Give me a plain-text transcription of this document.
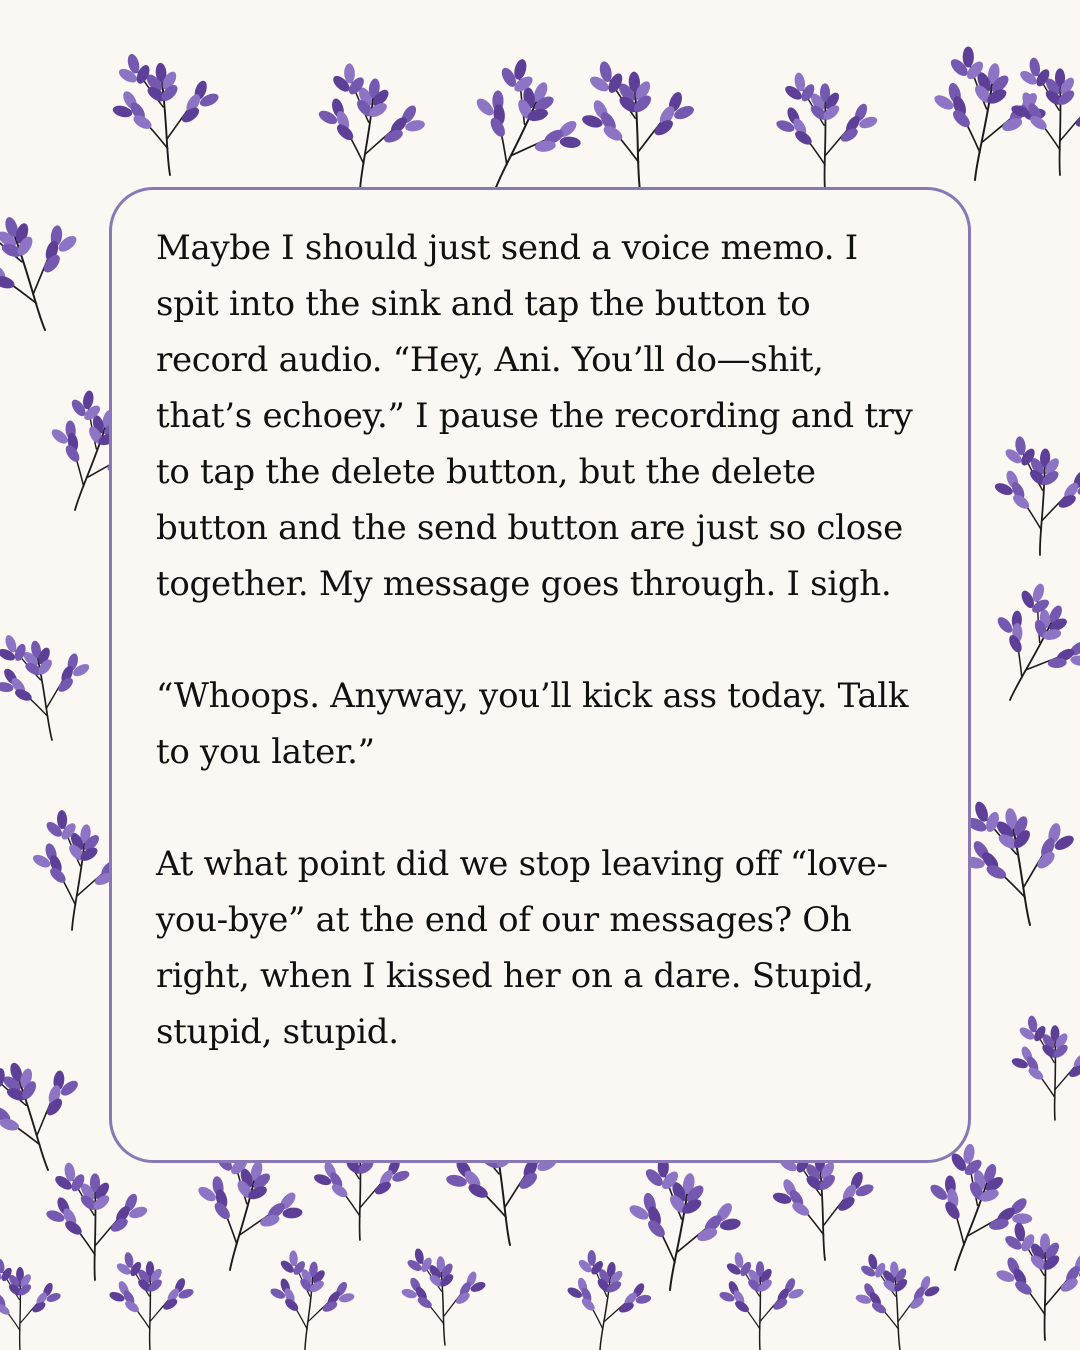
Maybe I should just send a voice memo. I spit into the sink and tap the button to record audio. “Hey, Ani. You’ll do—shit, that’s echoey.” I pause the recording and try to tap the delete button, but the delete button and the send button are just so close together. My message goes through. I sigh.

“Whoops. Anyway, you’ll kick ass today. Talk to you later.”

At what point did we stop leaving off “love-you-bye” at the end of our messages? Oh right, when I kissed her on a dare. Stupid, stupid, stupid.
